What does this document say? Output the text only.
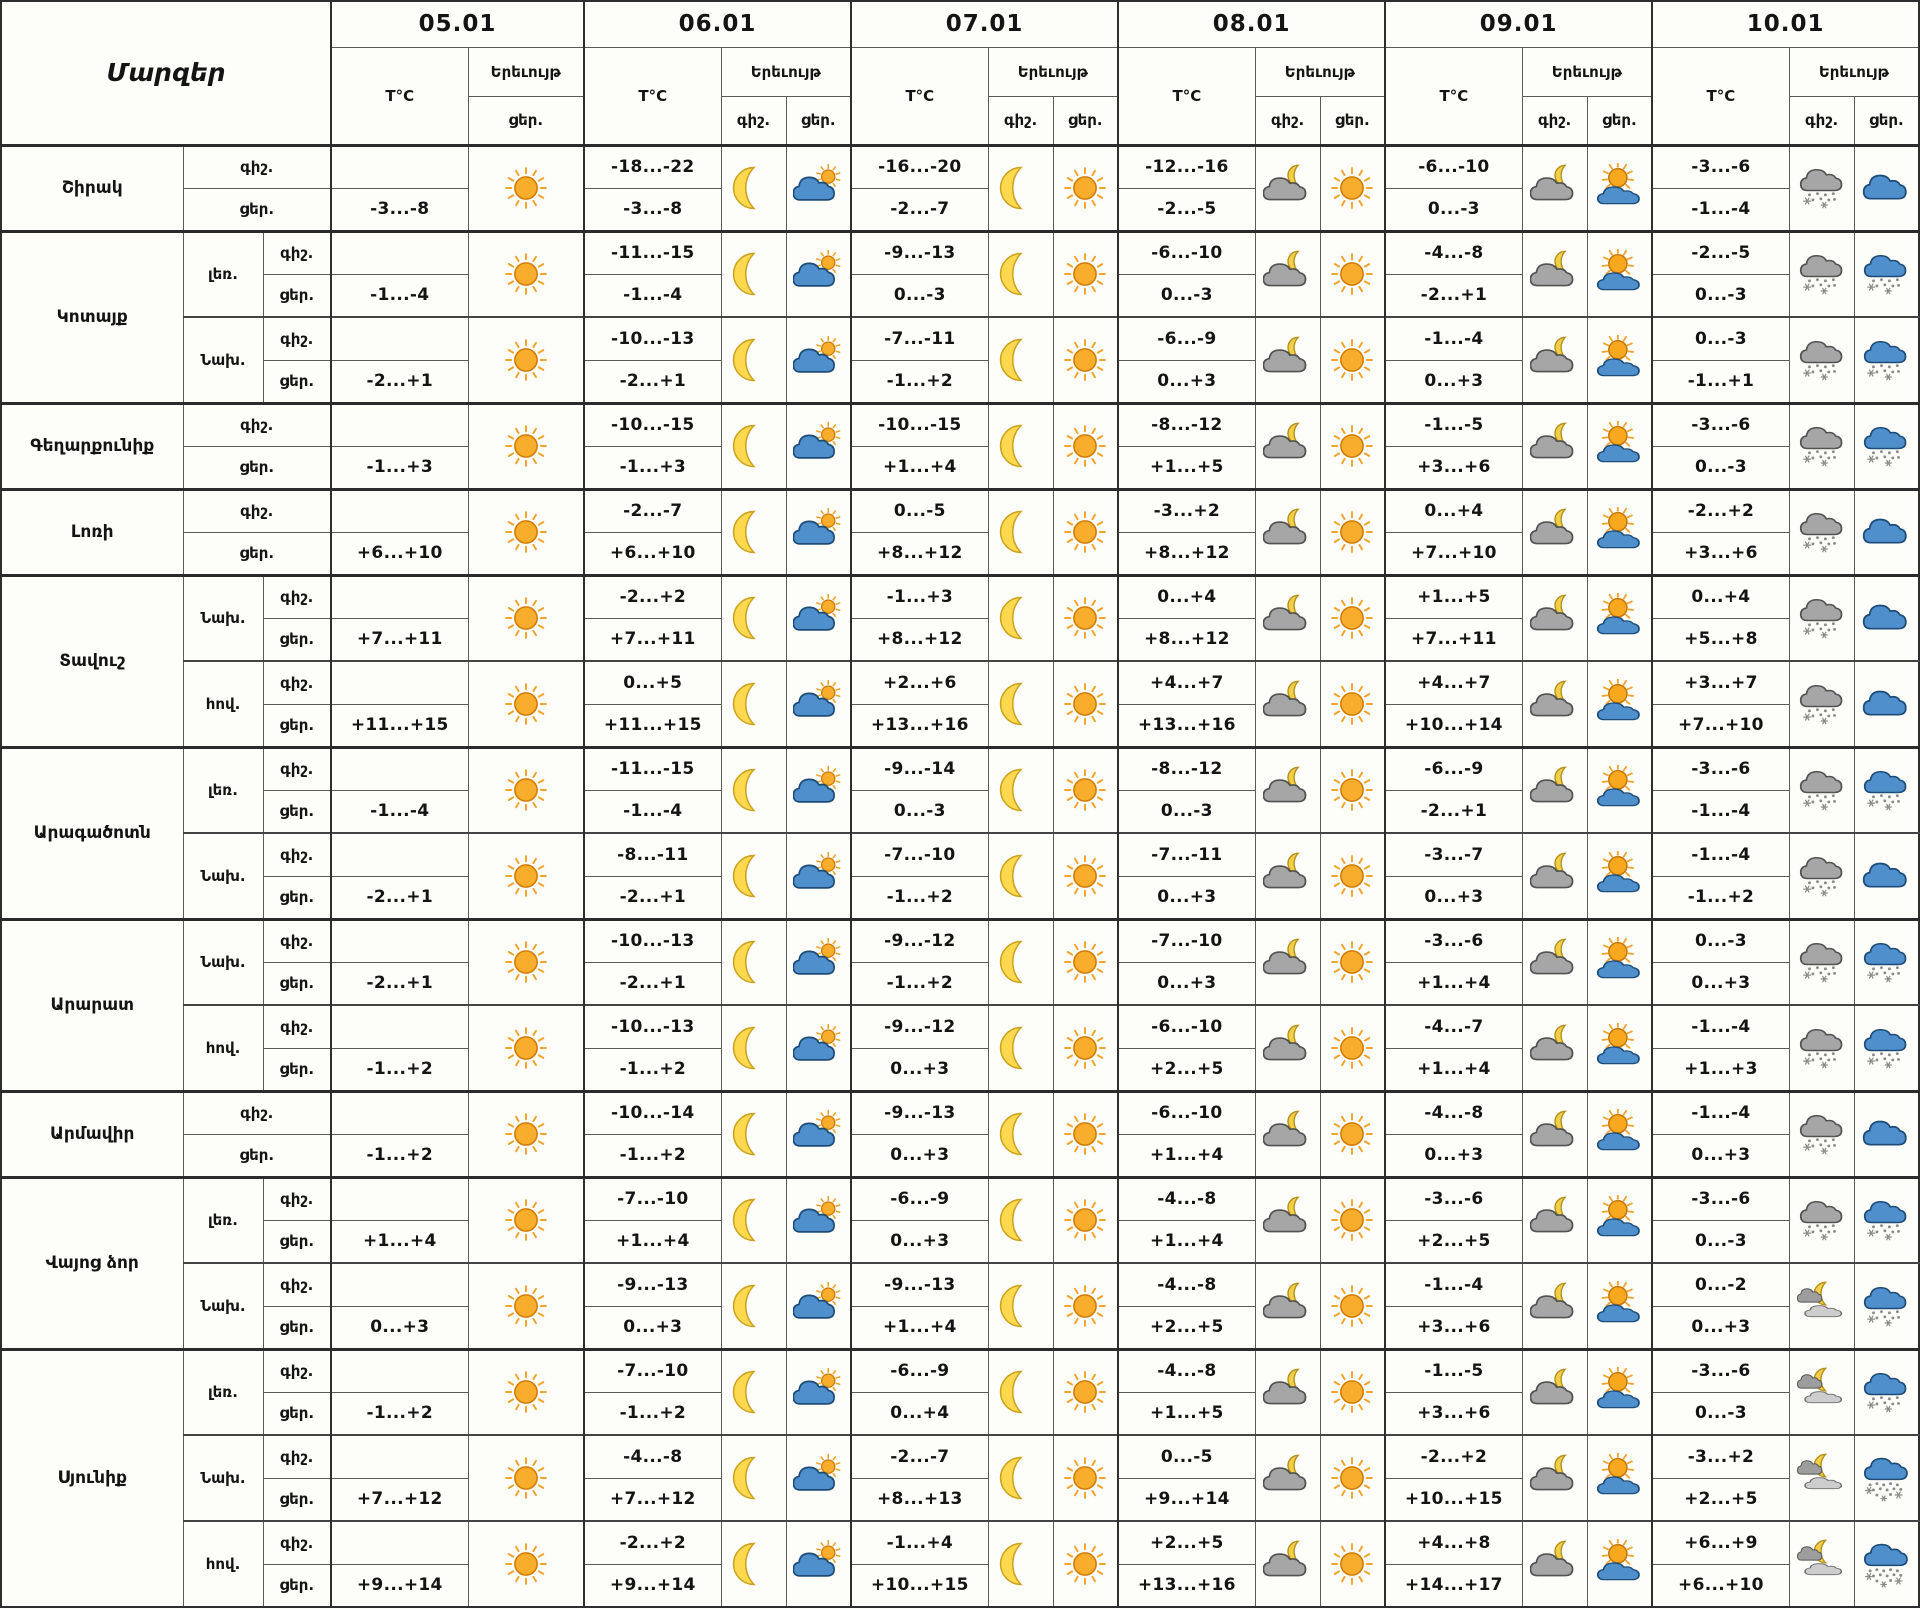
Մարզեր			05.01		06.01			07.01			08.01			09.01			10.01		
			T°C	Երեւույթ	T°C	Երեւույթ		T°C	Երեւույթ		T°C	Երեւույթ		T°C	Երեւույթ		T°C	Երեւույթ	
				ցեր.		գիշ.	ցեր.		գիշ.	ցեր.		գիշ.	ցեր.		գիշ.	ցեր.		գիշ.	ցեր.
Շիրակ	գիշ.				-18...-22			-16...-20			-12...-16			-6...-10			-3...-6	

	ցեր.		-3...-8		-3...-8			-2...-7			-2...-5			0...-3			-1...-4		
Կոտայք	լեռ.	գիշ.			-11...-15			-9...-13			-6...-10			-4...-8			-2...-5	

		ցեր.	-1...-4		-1...-4			0...-3			0...-3			-2...+1			0...-3		
	Նախ.	գիշ.			-10...-13			-7...-11			-6...-9			-1...-4			0...-3	

		ցեր.	-2...+1		-2...+1			-1...+2			0...+3			0...+3			-1...+1		
Գեղարքունիք	գիշ.				-10...-15			-10...-15			-8...-12			-1...-5			-3...-6	

	ցեր.		-1...+3		-1...+3			+1...+4			+1...+5			+3...+6			0...-3		
Լոռի	գիշ.				-2...-7			0...-5			-3...+2			0...+4			-2...+2	

	ցեր.		+6...+10		+6...+10			+8...+12			+8...+12			+7...+10			+3...+6		
Տավուշ	Նախ.	գիշ.			-2...+2			-1...+3			0...+4			+1...+5			0...+4	

		ցեր.	+7...+11		+7...+11			+8...+12			+8...+12			+7...+11			+5...+8		
	հով.	գիշ.			0...+5			+2...+6			+4...+7			+4...+7			+3...+7	

		ցեր.	+11...+15		+11...+15			+13...+16			+13...+16			+10...+14			+7...+10		
Արագածոտն	լեռ.	գիշ.			-11...-15			-9...-14			-8...-12			-6...-9			-3...-6	

		ցեր.	-1...-4		-1...-4			0...-3			0...-3			-2...+1			-1...-4		
	Նախ.	գիշ.			-8...-11			-7...-10			-7...-11			-3...-7			-1...-4	

		ցեր.	-2...+1		-2...+1			-1...+2			0...+3			0...+3			-1...+2		
Արարատ	Նախ.	գիշ.			-10...-13			-9...-12			-7...-10			-3...-6			0...-3	

		ցեր.	-2...+1		-2...+1			-1...+2			0...+3			+1...+4			0...+3		
	հով.	գիշ.			-10...-13			-9...-12			-6...-10			-4...-7			-1...-4	

		ցեր.	-1...+2		-1...+2			0...+3			+2...+5			+1...+4			+1...+3		
Արմավիր	գիշ.				-10...-14			-9...-13			-6...-10			-4...-8			-1...-4	

	ցեր.		-1...+2		-1...+2			0...+3			+1...+4			0...+3			0...+3		
Վայոց ձոր	լեռ.	գիշ.			-7...-10			-6...-9			-4...-8			-3...-6			-3...-6	

		ցեր.	+1...+4		+1...+4			0...+3			+1...+4			+2...+5			0...-3		
	Նախ.	գիշ.			-9...-13			-9...-13			-4...-8			-1...-4			0...-2	

		ցեր.	0...+3		0...+3			+1...+4			+2...+5			+3...+6			0...+3		
Սյունիք	լեռ.	գիշ.			-7...-10			-6...-9			-4...-8			-1...-5			-3...-6	

		ցեր.	-1...+2		-1...+2			0...+4			+1...+5			+3...+6			0...-3		
	Նախ.	գիշ.			-4...-8			-2...-7			0...-5			-2...+2			-3...+2	

		ցեր.	+7...+12		+7...+12			+8...+13			+9...+14			+10...+15			+2...+5		
	հով.	գիշ.			-2...+2			-1...+4			+2...+5			+4...+8			+6...+9	

		ցեր.	+9...+14		+9...+14			+10...+15			+13...+16			+14...+17			+6...+10		
